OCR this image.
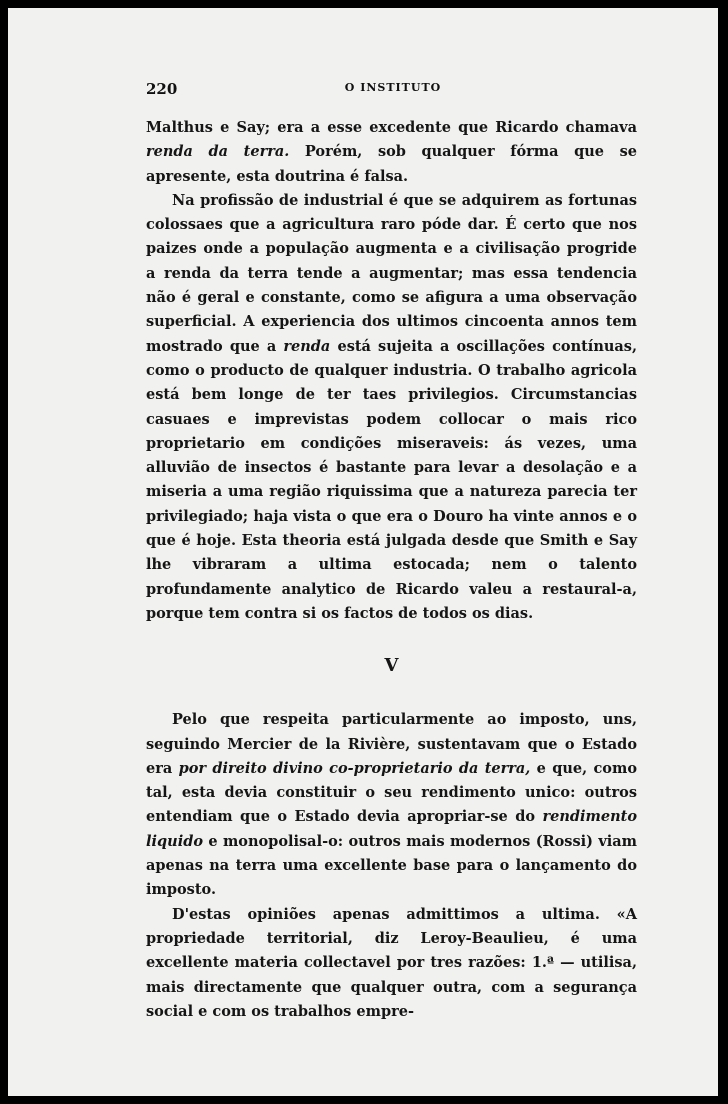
220	O INSTITUTO

Malthus e Say; era a esse excedente que Ricardo chamava renda da terra. Porém, sob qualquer fórma que se apresente, esta doutrina é falsa.

Na profissão de industrial é que se adquirem as fortunas colossaes que a agricultura raro póde dar. É certo que nos paizes onde a população augmenta e a civilisação progride a renda da terra tende a augmentar; mas essa tendencia não é geral e constante, como se afigura a uma observação superficial. A experiencia dos ultimos cincoenta annos tem mostrado que a renda está sujeita a oscillações contínuas, como o producto de qualquer industria. O trabalho agricola está bem longe de ter taes privilegios. Circumstancias casuaes e imprevistas podem collocar o mais rico proprietario em condições miseraveis: ás vezes, uma alluvião de insectos é bastante para levar a desolação e a miseria a uma região riquissima que a natureza parecia ter privilegiado; haja vista o que era o Douro ha vinte annos e o que é hoje. Esta theoria está julgada desde que Smith e Say lhe vibraram a ultima estocada; nem o talento profundamente analytico de Ricardo valeu a restaural-a, porque tem contra si os factos de todos os dias.

V

Pelo que respeita particularmente ao imposto, uns, seguindo Mercier de la Rivière, sustentavam que o Estado era por direito divino co-proprietario da terra, e que, como tal, esta devia constituir o seu rendimento unico: outros entendiam que o Estado devia apropriar-se do rendimento liquido e monopolisal-o: outros mais modernos (Rossi) viam apenas na terra uma excellente base para o lançamento do imposto.

D'estas opiniões apenas admittimos a ultima. «A propriedade territorial, diz Leroy-Beaulieu, é uma excellente materia collectavel por tres razões: 1.ª — utilisa, mais directamente que qualquer outra, com a segurança social e com os trabalhos empre-
